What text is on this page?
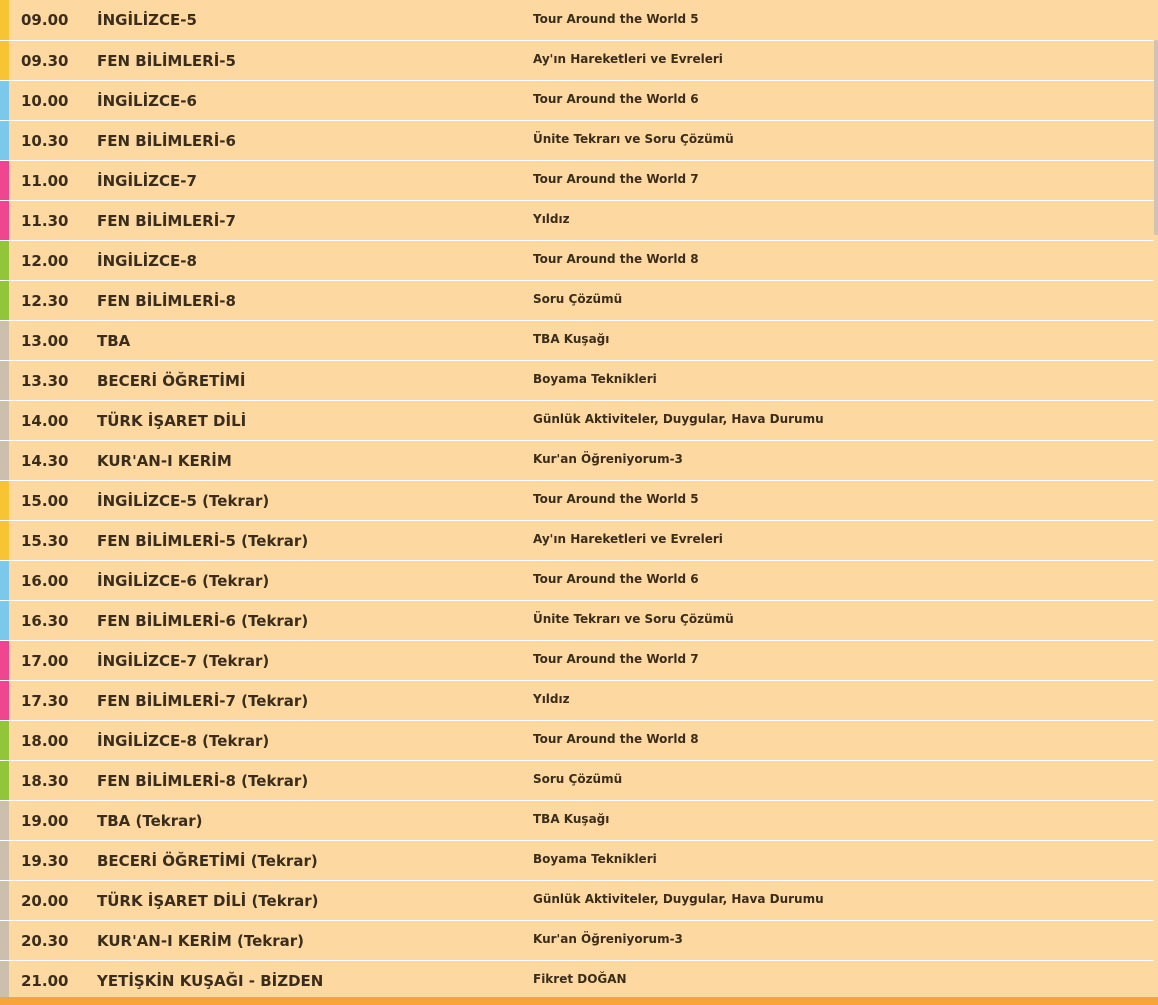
09.00 İNGİLİZCE-5	Tour Around the World 5
09.30 FEN BİLİMLERİ-5	Ay'ın Hareketleri ve Evreleri
10.00 İNGİLİZCE-6	Tour Around the World 6
10.30 FEN BİLİMLERİ-6	Ünite Tekrarı ve Soru Çözümü
11.00 İNGİLİZCE-7	Tour Around the World 7
11.30 FEN BİLİMLERİ-7	Yıldız
12.00 İNGİLİZCE-8	Tour Around the World 8
12.30 FEN BİLİMLERİ-8	Soru Çözümü
13.00 TBA	TBA Kuşağı
13.30 BECERİ ÖĞRETİMİ	Boyama Teknikleri
14.00 TÜRK İŞARET DİLİ	Günlük Aktiviteler, Duygular, Hava Durumu
14.30 KUR'AN-I KERİM	Kur'an Öğreniyorum-3
15.00 İNGİLİZCE-5 (Tekrar)	Tour Around the World 5
15.30 FEN BİLİMLERİ-5 (Tekrar)	Ay'ın Hareketleri ve Evreleri
16.00 İNGİLİZCE-6 (Tekrar)	Tour Around the World 6
16.30 FEN BİLİMLERİ-6 (Tekrar)	Ünite Tekrarı ve Soru Çözümü
17.00 İNGİLİZCE-7 (Tekrar)	Tour Around the World 7
17.30 FEN BİLİMLERİ-7 (Tekrar)	Yıldız
18.00 İNGİLİZCE-8 (Tekrar)	Tour Around the World 8
18.30 FEN BİLİMLERİ-8 (Tekrar)	Soru Çözümü
19.00 TBA (Tekrar)	TBA Kuşağı
19.30 BECERİ ÖĞRETİMİ (Tekrar)	Boyama Teknikleri
20.00 TÜRK İŞARET DİLİ (Tekrar)	Günlük Aktiviteler, Duygular, Hava Durumu
20.30 KUR'AN-I KERİM (Tekrar)	Kur'an Öğreniyorum-3
21.00 YETİŞKİN KUŞAĞI - BİZDEN	Fikret DOĞAN
